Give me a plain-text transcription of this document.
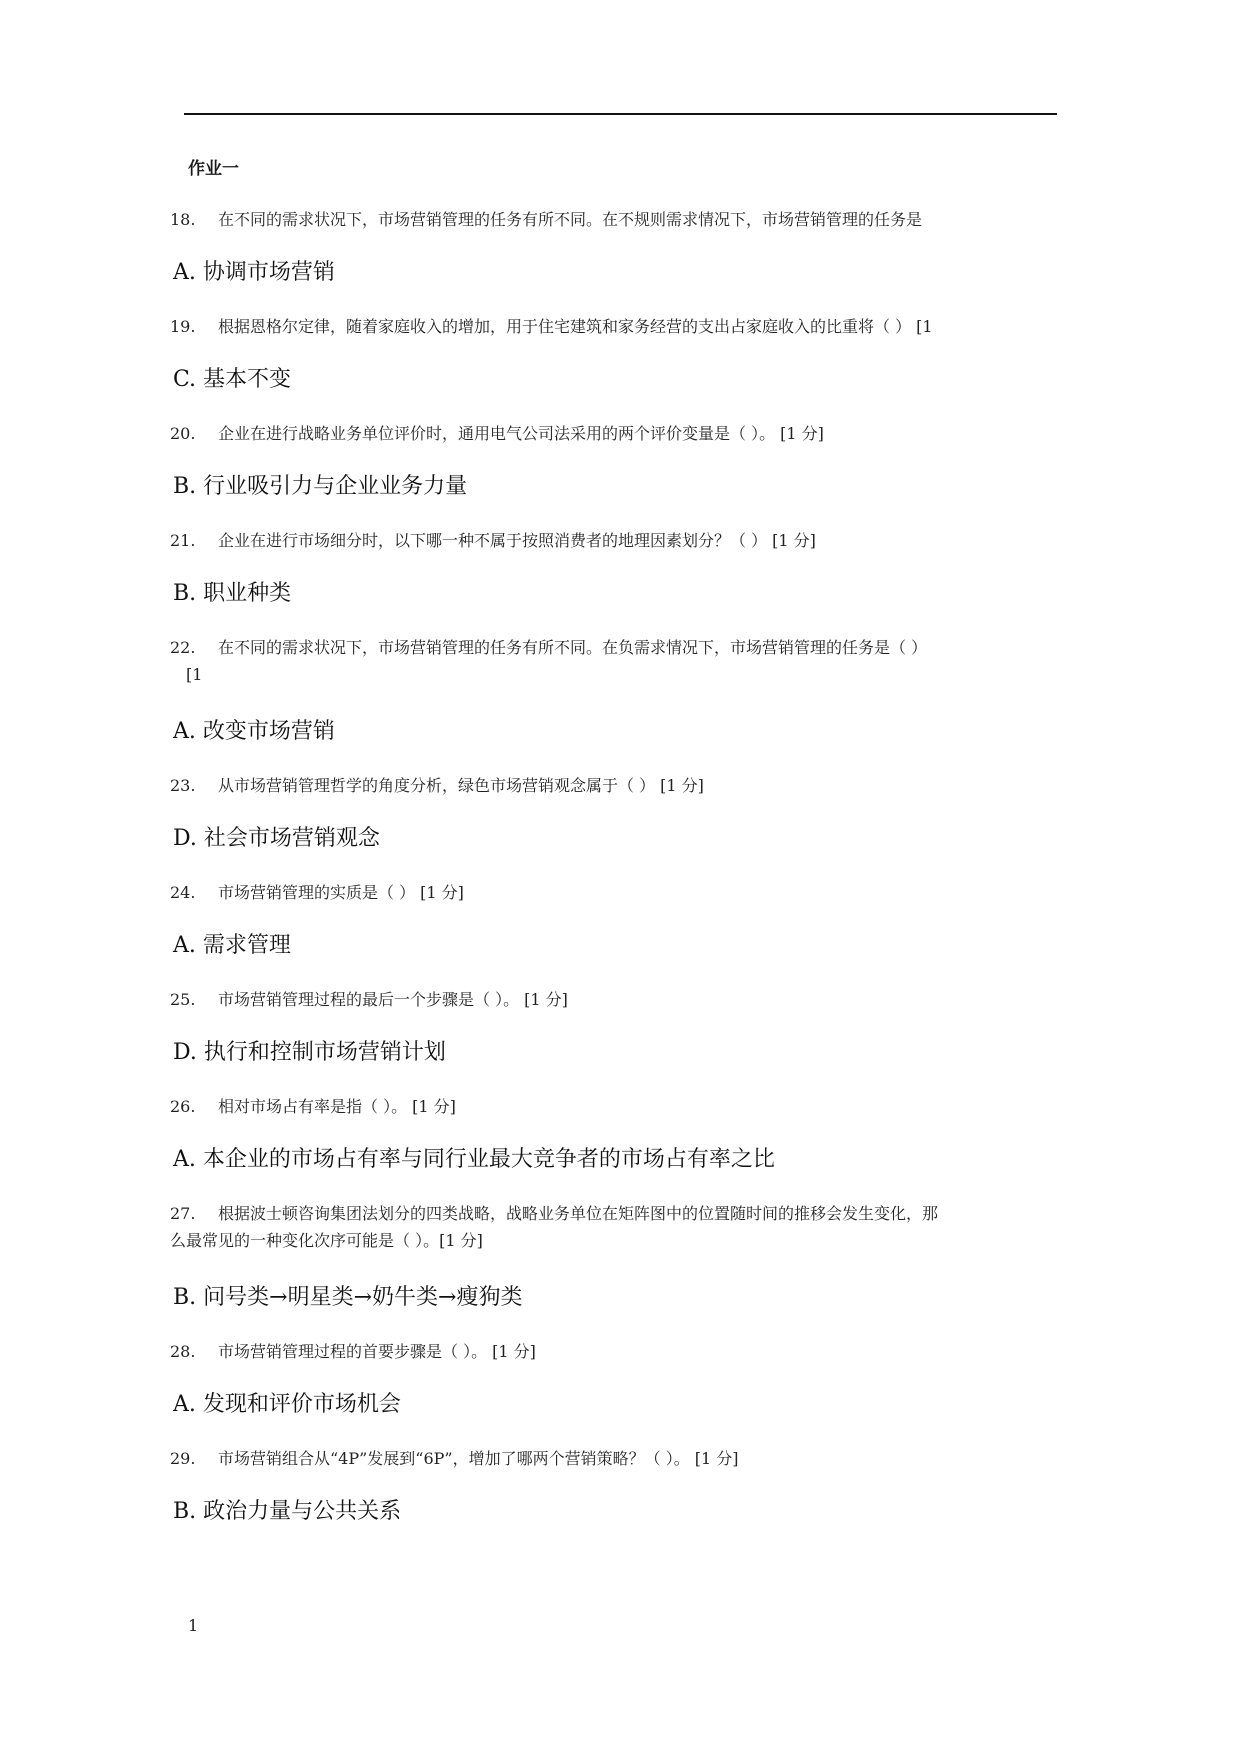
作业一
18. 在不同的需求状况下，市场营销管理的任务有所不同。在不规则需求情况下，市场营销管理的任务是
A. 协调市场营销
19. 根据恩格尔定律，随着家庭收入的增加，用于住宅建筑和家务经营的支出占家庭收入的比重将（ ） [1
C. 基本不变
20. 企业在进行战略业务单位评价时，通用电气公司法采用的两个评价变量是（ ）。 [1 分]
B. 行业吸引力与企业业务力量
21. 企业在进行市场细分时，以下哪一种不属于按照消费者的地理因素划分？（ ） [1 分]
B. 职业种类
22. 在不同的需求状况下，市场营销管理的任务有所不同。在负需求情况下，市场营销管理的任务是（ ）
[1
A. 改变市场营销
23. 从市场营销管理哲学的角度分析，绿色市场营销观念属于（ ） [1 分]
D. 社会市场营销观念
24. 市场营销管理的实质是（ ） [1 分]
A. 需求管理
25. 市场营销管理过程的最后一个步骤是（ ）。 [1 分]
D. 执行和控制市场营销计划
26. 相对市场占有率是指（ ）。 [1 分]
A. 本企业的市场占有率与同行业最大竞争者的市场占有率之比
27. 根据波士顿咨询集团法划分的四类战略，战略业务单位在矩阵图中的位置随时间的推移会发生变化，那
么最常见的一种变化次序可能是（ ）。[1 分]
B. 问号类→明星类→奶牛类→瘦狗类
28. 市场营销管理过程的首要步骤是（ ）。 [1 分]
A. 发现和评价市场机会
29. 市场营销组合从“4P”发展到“6P”，增加了哪两个营销策略？（ ）。 [1 分]
B. 政治力量与公共关系
1
